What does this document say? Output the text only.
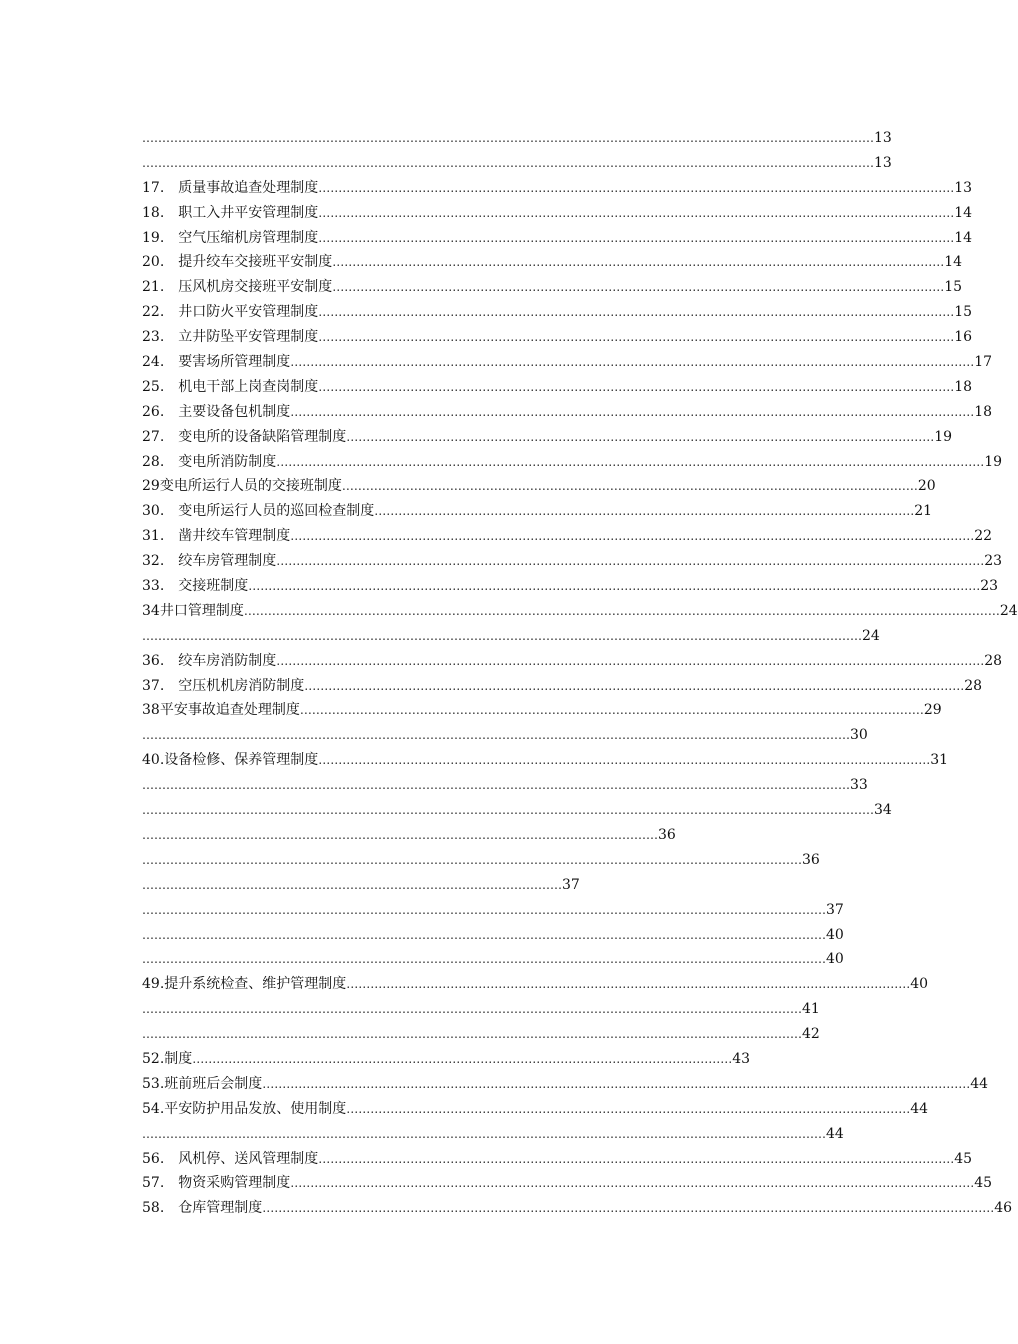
………………………………………………………………………………………………………………………………………………………………… 13
………………………………………………………………………………………………………………………………………………………………… 13
17. 质量事故追查处理制度 …………………………………………………………………………………………………………………………………………… 13
18. 职工入井平安管理制度 …………………………………………………………………………………………………………………………………………… 14
19. 空气压缩机房管理制度 …………………………………………………………………………………………………………………………………………… 14
20. 提升绞车交接班平安制度 ……………………………………………………………………………………………………………………………………… 14
21. 压风机房交接班平安制度 ……………………………………………………………………………………………………………………………………… 15
22. 井口防火平安管理制度 …………………………………………………………………………………………………………………………………………… 15
23. 立井防坠平安管理制度 …………………………………………………………………………………………………………………………………………… 16
24. 要害场所管理制度 ……………………………………………………………………………………………………………………………………………………… 17
25. 机电干部上岗查岗制度 …………………………………………………………………………………………………………………………………………… 18
26. 主要设备包机制度 ……………………………………………………………………………………………………………………………………………………… 18
27. 变电所的设备缺陷管理制度 ………………………………………………………………………………………………………………………………… 19
28. 变电所消防制度 …………………………………………………………………………………………………………………………………………………………… 19
29 变电所运行人员的交接班制度 ……………………………………………………………………………………………………………………………… 20
30. 变电所运行人员的巡回检查制度 ……………………………………………………………………………………………………………………… 21
31. 凿井绞车管理制度 ……………………………………………………………………………………………………………………………………………………… 22
32. 绞车房管理制度 …………………………………………………………………………………………………………………………………………………………… 23
33. 交接班制度 ………………………………………………………………………………………………………………………………………………………………… 23
34 井口管理制度 ……………………………………………………………………………………………………………………………………………………………………… 24
……………………………………………………………………………………………………………………………………………………………… 24
36. 绞车房消防制度 …………………………………………………………………………………………………………………………………………………………… 28
37. 空压机机房消防制度 ………………………………………………………………………………………………………………………………………………… 28
38 平安事故追查处理制度 ………………………………………………………………………………………………………………………………………… 29
…………………………………………………………………………………………………………………………………………………………… 30
40. 设备检修、保养管理制度 ……………………………………………………………………………………………………………………………………… 31
…………………………………………………………………………………………………………………………………………………………… 33
………………………………………………………………………………………………………………………………………………………………… 34
………………………………………………………………………………………………………………… 36
………………………………………………………………………………………………………………………………………………… 36
…………………………………………………………………………………………… 37
……………………………………………………………………………………………………………………………………………………… 37
……………………………………………………………………………………………………………………………………………………… 40
……………………………………………………………………………………………………………………………………………………… 40
49. 提升系统检查、维护管理制度 …………………………………………………………………………………………………………………………… 40
………………………………………………………………………………………………………………………………………………… 41
………………………………………………………………………………………………………………………………………………… 42
52. 制度 ……………………………………………………………………………………………………………………… 43
53. 班前班后会制度 …………………………………………………………………………………………………………………………………………………………… 44
54. 平安防护用品发放、使用制度 …………………………………………………………………………………………………………………………… 44
……………………………………………………………………………………………………………………………………………………… 44
56. 风机停、送风管理制度 …………………………………………………………………………………………………………………………………………… 45
57. 物资采购管理制度 ……………………………………………………………………………………………………………………………………………………… 45
58. 仓库管理制度 ………………………………………………………………………………………………………………………………………………………………… 46
